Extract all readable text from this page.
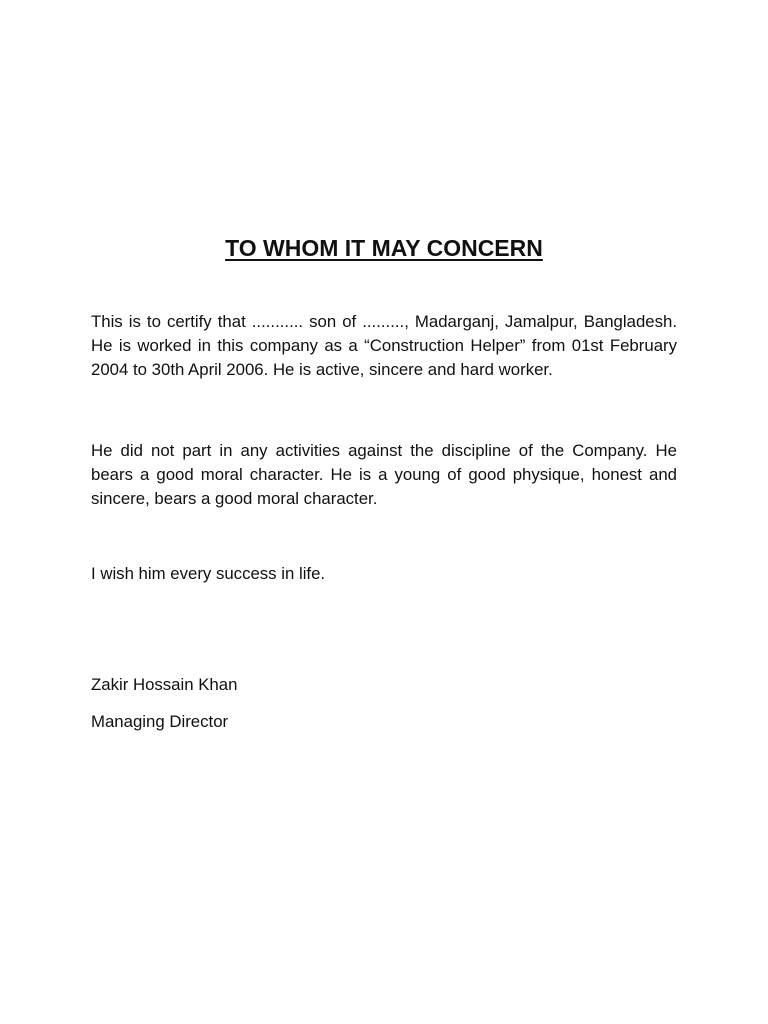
TO WHOM IT MAY CONCERN

This is to certify that ........... son of ........., Madarganj, Jamalpur, Bangladesh. He is worked in this company as a “Construction Helper” from 01st February 2004 to 30th April 2006. He is active, sincere and hard worker.

He did not part in any activities against the discipline of the Company. He bears a good moral character. He is a young of good physique, honest and sincere, bears a good moral character.

I wish him every success in life.

Zakir Hossain Khan

Managing Director
